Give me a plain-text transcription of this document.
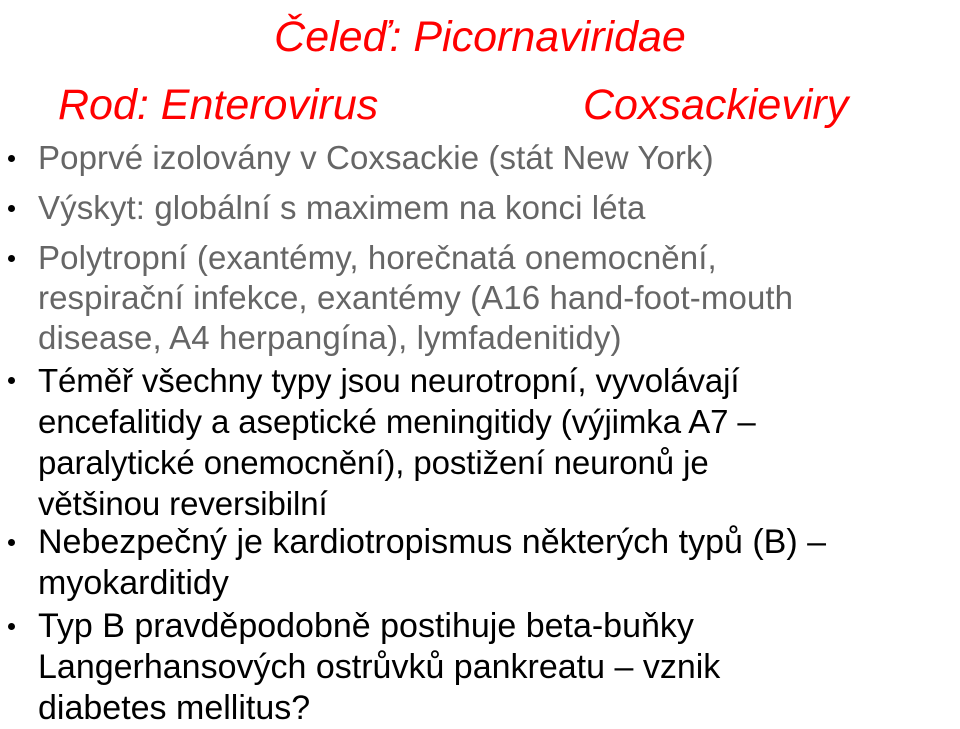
Čeleď: Picornaviridae
Rod: Enterovirus	Coxsackieviry
Poprvé izolovány v Coxsackie (stát New York)
Výskyt: globální s maximem na konci léta
Polytropní (exantémy, horečnatá onemocnění,
respirační infekce, exantémy (A16 hand-foot-mouth
disease, A4 herpangína), lymfadenitidy)
Téměř všechny typy jsou neurotropní, vyvolávají
encefalitidy a aseptické meningitidy (výjimka A7 –
paralytické onemocnění), postižení neuronů je
většinou reversibilní
Nebezpečný je kardiotropismus některých typů (B) –
myokarditidy
Typ B pravděpodobně postihuje beta-buňky
Langerhansových ostrůvků pankreatu – vznik
diabetes mellitus?
